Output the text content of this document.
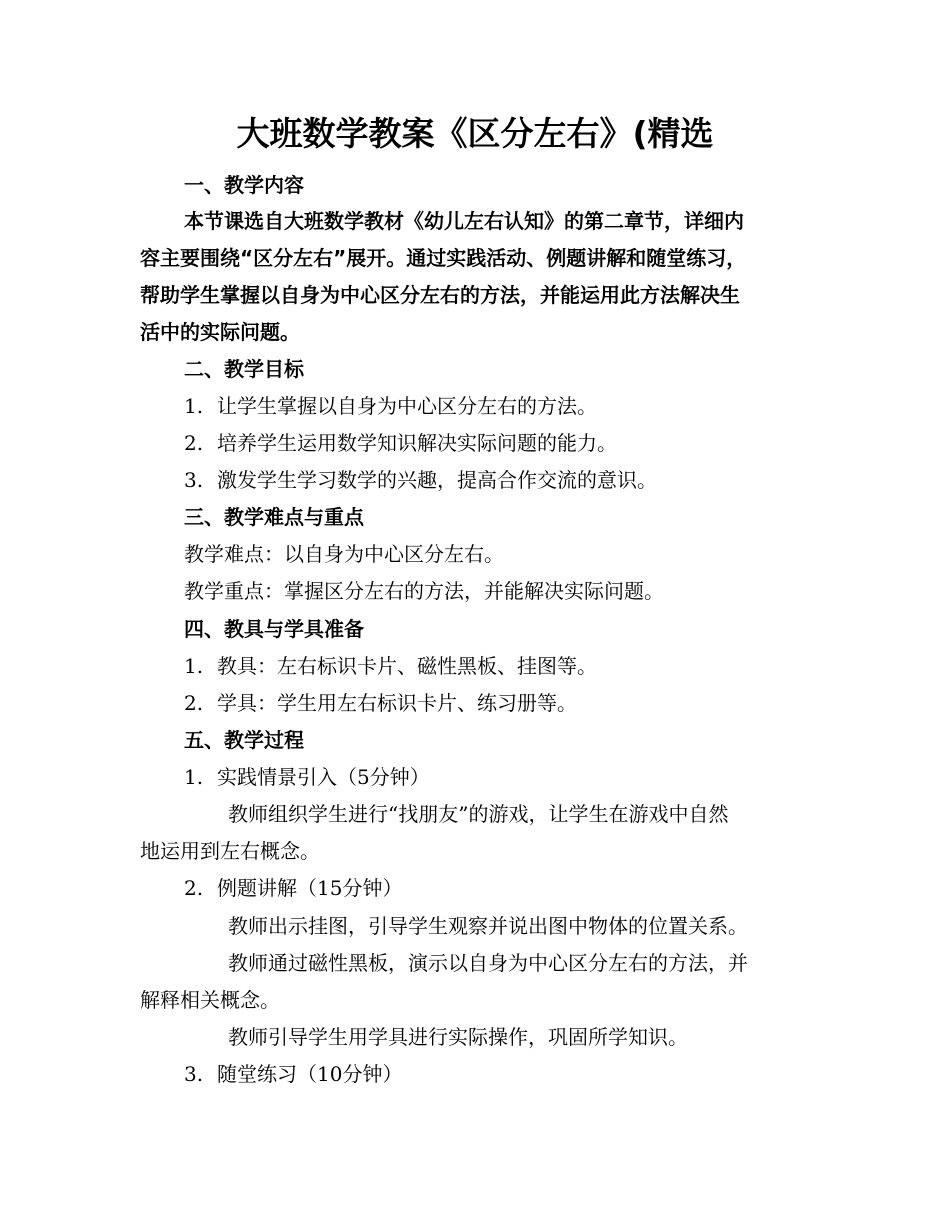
大班数学教案《区分左右》(精选
一、教学内容
本节课选自大班数学教材《幼儿左右认知》的第二章节，详细内
容主要围绕“区分左右”展开。通过实践活动、例题讲解和随堂练习，
帮助学生掌握以自身为中心区分左右的方法，并能运用此方法解决生
活中的实际问题。
二、教学目标
1. 让学生掌握以自身为中心区分左右的方法。
2. 培养学生运用数学知识解决实际问题的能力。
3. 激发学生学习数学的兴趣，提高合作交流的意识。
三、教学难点与重点
教学难点：以自身为中心区分左右。
教学重点：掌握区分左右的方法，并能解决实际问题。
四、教具与学具准备
1. 教具：左右标识卡片、磁性黑板、挂图等。
2. 学具：学生用左右标识卡片、练习册等。
五、教学过程
1. 实践情景引入（5分钟）
教师组织学生进行“找朋友”的游戏，让学生在游戏中自然
地运用到左右概念。
2. 例题讲解（15分钟）
教师出示挂图，引导学生观察并说出图中物体的位置关系。
教师通过磁性黑板，演示以自身为中心区分左右的方法，并
解释相关概念。
教师引导学生用学具进行实际操作，巩固所学知识。
3. 随堂练习（10分钟）
